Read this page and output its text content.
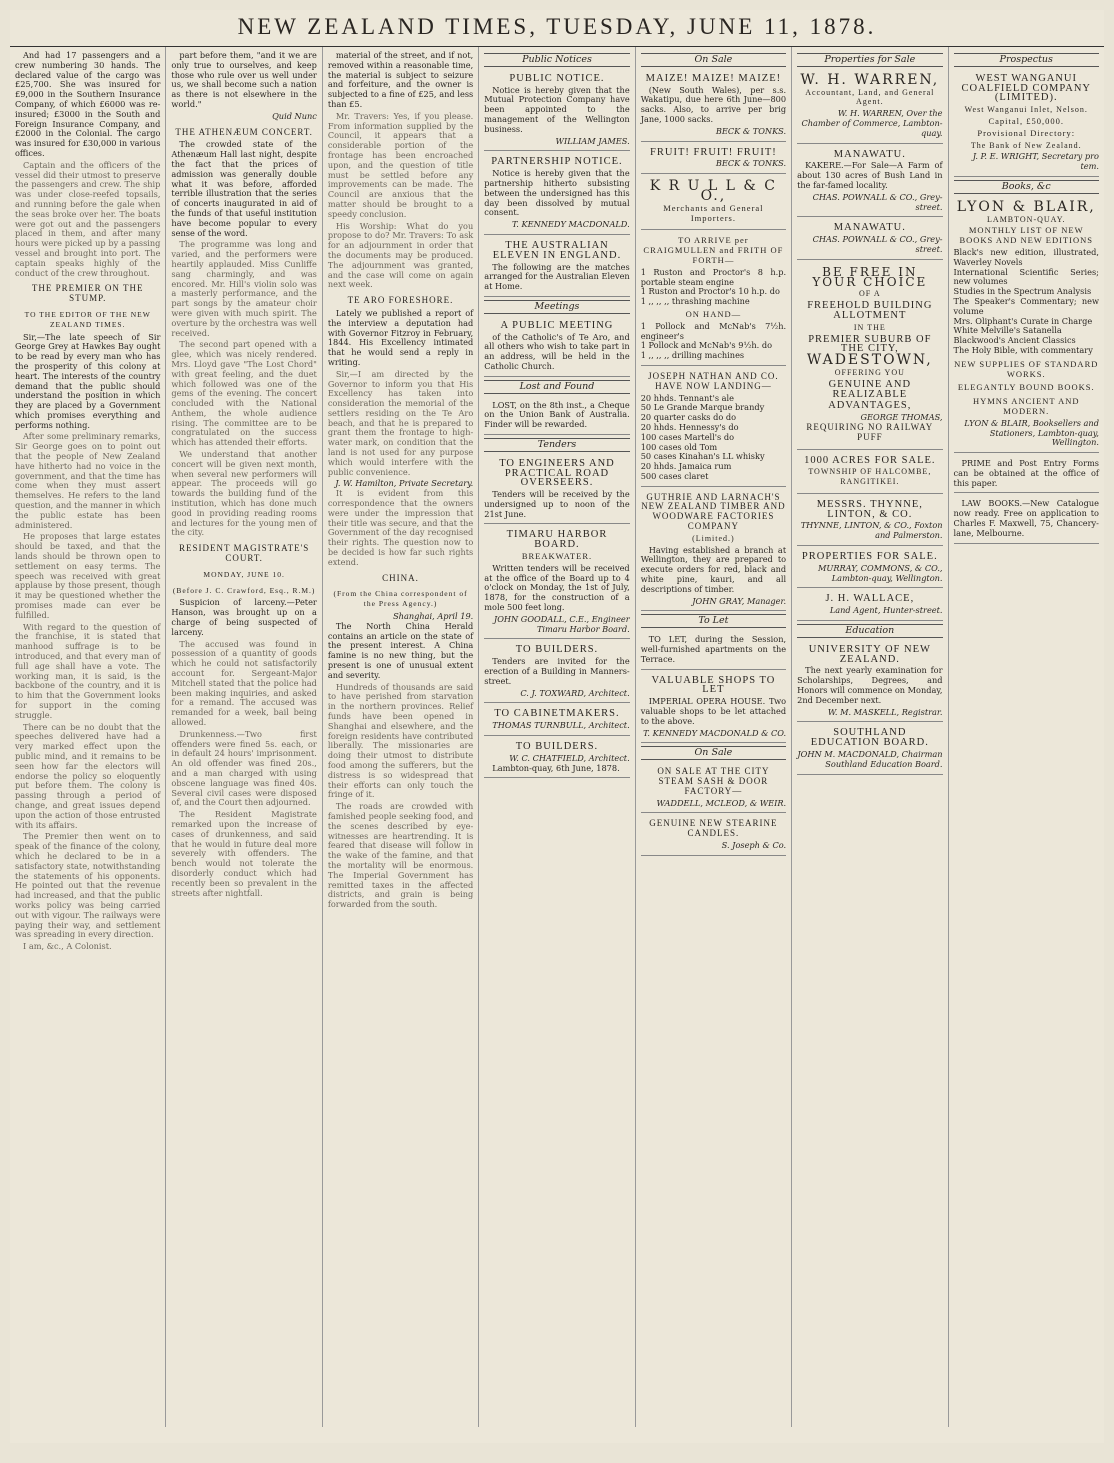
NEW ZEALAND TIMES, TUESDAY, JUNE 11, 1878.

And had 17 passengers and a crew numbering 30 hands. The declared value of the cargo was £25,700. She was insured for £9,000 in the Southern Insurance Company, of which £6000 was re-insured; £3000 in the South and Foreign Insurance Company, and £2000 in the Colonial. The cargo was insured for £30,000 in various offices.

Captain and the officers of the vessel did their utmost to preserve the passengers and crew. The ship was under close-reefed topsails, and running before the gale when the seas broke over her. The boats were got out and the passengers placed in them, and after many hours were picked up by a passing vessel and brought into port. The captain speaks highly of the conduct of the crew throughout.

THE PREMIER ON THE STUMP.
TO THE EDITOR OF THE NEW ZEALAND TIMES.

Sir,—The late speech of Sir George Grey at Hawkes Bay ought to be read by every man who has the prosperity of this colony at heart. The interests of the country demand that the public should understand the position in which they are placed by a Government which promises everything and performs nothing.

After some preliminary remarks, Sir George goes on to point out that the people of New Zealand have hitherto had no voice in the government, and that the time has come when they must assert themselves. He refers to the land question, and the manner in which the public estate has been administered.

He proposes that large estates should be taxed, and that the lands should be thrown open to settlement on easy terms. The speech was received with great applause by those present, though it may be questioned whether the promises made can ever be fulfilled.

With regard to the question of the franchise, it is stated that manhood suffrage is to be introduced, and that every man of full age shall have a vote. The working man, it is said, is the backbone of the country, and it is to him that the Government looks for support in the coming struggle.

There can be no doubt that the speeches delivered have had a very marked effect upon the public mind, and it remains to be seen how far the electors will endorse the policy so eloquently put before them. The colony is passing through a period of change, and great issues depend upon the action of those entrusted with its affairs.

The Premier then went on to speak of the finance of the colony, which he declared to be in a satisfactory state, notwithstanding the statements of his opponents. He pointed out that the revenue had increased, and that the public works policy was being carried out with vigour. The railways were paying their way, and settlement was spreading in every direction.

I am, &c., A Colonist.

part before them, "and it we are only true to ourselves, and keep those who rule over us well under us, we shall become such a nation as there is not elsewhere in the world."

Quid Nunc
THE ATHENÆUM CONCERT.

The crowded state of the Athenæum Hall last night, despite the fact that the prices of admission was generally double what it was before, afforded terrible illustration that the series of concerts inaugurated in aid of the funds of that useful institution have become popular to every sense of the word.

The programme was long and varied, and the performers were heartily applauded. Miss Cunliffe sang charmingly, and was encored. Mr. Hill's violin solo was a masterly performance, and the part songs by the amateur choir were given with much spirit. The overture by the orchestra was well received.

The second part opened with a glee, which was nicely rendered. Mrs. Lloyd gave "The Lost Chord" with great feeling, and the duet which followed was one of the gems of the evening. The concert concluded with the National Anthem, the whole audience rising. The committee are to be congratulated on the success which has attended their efforts.

We understand that another concert will be given next month, when several new performers will appear. The proceeds will go towards the building fund of the institution, which has done much good in providing reading rooms and lectures for the young men of the city.

RESIDENT MAGISTRATE'S COURT.
MONDAY, JUNE 10.
(Before J. C. Crawford, Esq., R.M.)

Suspicion of larceny.—Peter Hanson, was brought up on a charge of being suspected of larceny.

The accused was found in possession of a quantity of goods which he could not satisfactorily account for. Sergeant-Major Mitchell stated that the police had been making inquiries, and asked for a remand. The accused was remanded for a week, bail being allowed.

Drunkenness.—Two first offenders were fined 5s. each, or in default 24 hours' imprisonment. An old offender was fined 20s., and a man charged with using obscene language was fined 40s. Several civil cases were disposed of, and the Court then adjourned.

The Resident Magistrate remarked upon the increase of cases of drunkenness, and said that he would in future deal more severely with offenders. The bench would not tolerate the disorderly conduct which had recently been so prevalent in the streets after nightfall.

material of the street, and if not, removed within a reasonable time, the material is subject to seizure and forfeiture, and the owner is subjected to a fine of £25, and less than £5.

Mr. Travers: Yes, if you please. From information supplied by the Council, it appears that a considerable portion of the frontage has been encroached upon, and the question of title must be settled before any improvements can be made. The Council are anxious that the matter should be brought to a speedy conclusion.

His Worship: What do you propose to do? Mr. Travers: To ask for an adjournment in order that the documents may be produced. The adjournment was granted, and the case will come on again next week.

TE ARO FORESHORE.

Lately we published a report of the interview a deputation had with Governor Fitzroy in February, 1844. His Excellency intimated that he would send a reply in writing.

Sir,—I am directed by the Governor to inform you that His Excellency has taken into consideration the memorial of the settlers residing on the Te Aro beach, and that he is prepared to grant them the frontage to high-water mark, on condition that the land is not used for any purpose which would interfere with the public convenience.

J. W. Hamilton, Private Secretary.

It is evident from this correspondence that the owners were under the impression that their title was secure, and that the Government of the day recognised their rights. The question now to be decided is how far such rights extend.

CHINA.
(From the China correspondent of the Press Agency.)
Shanghai, April 19.

The North China Herald contains an article on the state of the present interest. A China famine is no new thing, but the present is one of unusual extent and severity.

Hundreds of thousands are said to have perished from starvation in the northern provinces. Relief funds have been opened in Shanghai and elsewhere, and the foreign residents have contributed liberally. The missionaries are doing their utmost to distribute food among the sufferers, but the distress is so widespread that their efforts can only touch the fringe of it.

The roads are crowded with famished people seeking food, and the scenes described by eye-witnesses are heartrending. It is feared that disease will follow in the wake of the famine, and that the mortality will be enormous. The Imperial Government has remitted taxes in the affected districts, and grain is being forwarded from the south.

Public Notices
PUBLIC NOTICE.
Notice is hereby given that the Mutual Protection Company have been appointed to the management of the Wellington business.
WILLIAM JAMES.
PARTNERSHIP NOTICE.
Notice is hereby given that the partnership hitherto subsisting between the undersigned has this day been dissolved by mutual consent.
T. KENNEDY MACDONALD.
THE AUSTRALIAN ELEVEN IN ENGLAND.
The following are the matches arranged for the Australian Eleven at Home.
Meetings
A PUBLIC MEETING
of the Catholic's of Te Aro, and all others who wish to take part in an address, will be held in the Catholic Church.
Lost and Found
LOST, on the 8th inst., a Cheque on the Union Bank of Australia. Finder will be rewarded.
Tenders
TO ENGINEERS AND PRACTICAL ROAD OVERSEERS.
Tenders will be received by the undersigned up to noon of the 21st June.
TIMARU HARBOR BOARD.
BREAKWATER.
Written tenders will be received at the office of the Board up to 4 o'clock on Monday, the 1st of July, 1878, for the construction of a mole 500 feet long.
JOHN GOODALL, C.E., Engineer Timaru Harbor Board.
TO BUILDERS.
Tenders are invited for the erection of a Building in Manners-street.
C. J. TOXWARD, Architect.
TO CABINETMAKERS.
THOMAS TURNBULL, Architect.
TO BUILDERS.
W. C. CHATFIELD, Architect.
Lambton-quay, 6th June, 1878.
On Sale
MAIZE! MAIZE! MAIZE!
(New South Wales), per s.s. Wakatipu, due here 6th June—800 sacks. Also, to arrive per brig Jane, 1000 sacks.
BECK & TONKS.
FRUIT! FRUIT! FRUIT!
BECK & TONKS.
K R U L L & C O.,
Merchants and General Importers.
TO ARRIVE per CRAIGMULLEN and FRITH OF FORTH—
1 Ruston and Proctor's 8 h.p. portable steam engine
1 Ruston and Proctor's 10 h.p. do
1 ,, ,, ,, thrashing machine
ON HAND—
1 Pollock and McNab's 7½h. engineer's
1 Pollock and McNab's 9½h. do
1 ,, ,, ,, drilling machines
JOSEPH NATHAN AND CO. HAVE NOW LANDING—
20 hhds. Tennant's ale
50 Le Grande Marque brandy
20 quarter casks do do
20 hhds. Hennessy's do
100 cases Martell's do
100 cases old Tom
50 cases Kinahan's LL whisky
20 hhds. Jamaica rum
500 cases claret
GUTHRIE AND LARNACH'S NEW ZEALAND TIMBER AND WOODWARE FACTORIES COMPANY
(Limited.)
Having established a branch at Wellington, they are prepared to execute orders for red, black and white pine, kauri, and all descriptions of timber.
JOHN GRAY, Manager.
To Let
TO LET, during the Session, well-furnished apartments on the Terrace.
VALUABLE SHOPS TO LET
IMPERIAL OPERA HOUSE. Two valuable shops to be let attached to the above.
T. KENNEDY MACDONALD & CO.
On Sale
ON SALE AT THE CITY STEAM SASH & DOOR FACTORY—
WADDELL, MCLEOD, & WEIR.
GENUINE NEW STEARINE CANDLES.
S. Joseph & Co.
Properties for Sale
W. H. WARREN,
Accountant, Land, and General Agent.
W. H. WARREN, Over the Chamber of Commerce, Lambton-quay.
MANAWATU.
KAKERE.—For Sale—A Farm of about 130 acres of Bush Land in the far-famed locality.
CHAS. POWNALL & CO., Grey-street.
MANAWATU.
CHAS. POWNALL & CO., Grey-street.
BE FREE IN YOUR CHOICE
OF A
FREEHOLD BUILDING ALLOTMENT
IN THE
PREMIER SUBURB OF THE CITY,
WADESTOWN,
OFFERING YOU
GENUINE AND REALIZABLE
ADVANTAGES,
GEORGE THOMAS,
REQUIRING NO RAILWAY PUFF
1000 ACRES FOR SALE.
TOWNSHIP OF HALCOMBE, RANGITIKEI.
MESSRS. THYNNE, LINTON, & CO.
THYNNE, LINTON, & CO., Foxton and Palmerston.
PROPERTIES FOR SALE.
MURRAY, COMMONS, & CO., Lambton-quay, Wellington.
J. H. WALLACE,
Land Agent, Hunter-street.
Education
UNIVERSITY OF NEW ZEALAND.
The next yearly examination for Scholarships, Degrees, and Honors will commence on Monday, 2nd December next.
W. M. MASKELL, Registrar.
SOUTHLAND EDUCATION BOARD.
JOHN M. MACDONALD, Chairman Southland Education Board.
Prospectus
WEST WANGANUI COALFIELD COMPANY (LIMITED).
West Wanganui Inlet, Nelson.
Capital, £50,000.
Provisional Directory:
The Bank of New Zealand.
J. P. E. WRIGHT, Secretary pro tem.
Books, &c
LYON & BLAIR,
LAMBTON-QUAY.
MONTHLY LIST OF NEW BOOKS AND NEW EDITIONS
Black's new edition, illustrated, Waverley Novels
International Scientific Series; new volumes
Studies in the Spectrum Analysis
The Speaker's Commentary; new volume
Mrs. Oliphant's Curate in Charge
White Melville's Satanella
Blackwood's Ancient Classics
The Holy Bible, with commentary
NEW SUPPLIES OF STANDARD WORKS.
ELEGANTLY BOUND BOOKS.
HYMNS ANCIENT AND MODERN.
LYON & BLAIR, Booksellers and Stationers, Lambton-quay, Wellington.
PRIME and Post Entry Forms can be obtained at the office of this paper.
LAW BOOKS.—New Catalogue now ready. Free on application to Charles F. Maxwell, 75, Chancery-lane, Melbourne.
